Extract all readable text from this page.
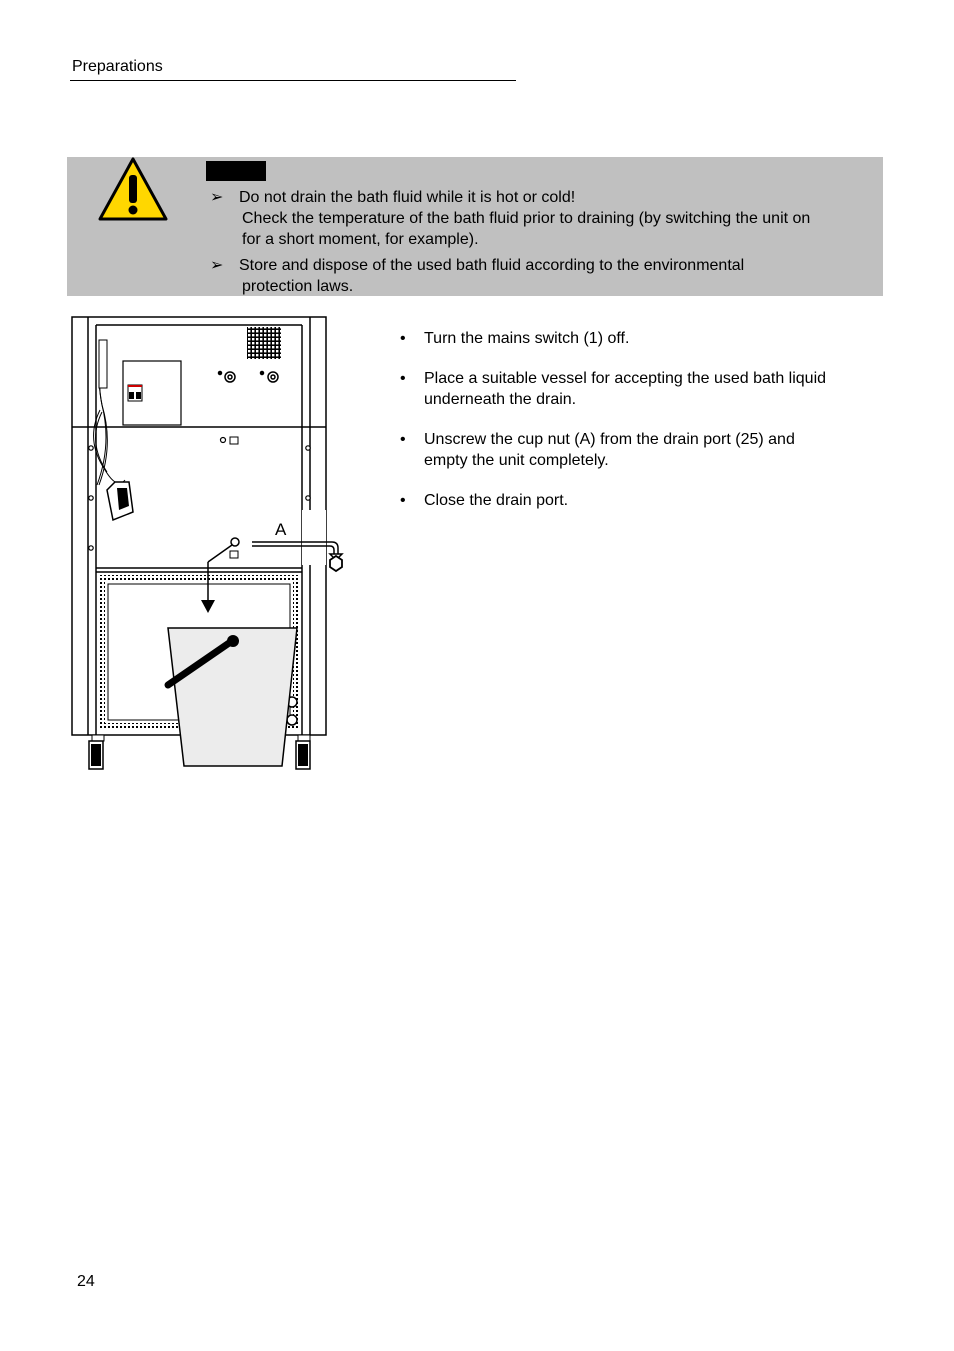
Preparations
➢ Do not drain the bath fluid while it is hot or cold!
Check the temperature of the bath fluid prior to draining (by switching the unit on
for a short moment, for example).
➢ Store and dispose of the used bath fluid according to the environmental
protection laws.
A
• Turn the mains switch (1) off.
• Place a suitable vessel for accepting the used bath liquid
underneath the drain.
• Unscrew the cup nut (A) from the drain port (25) and
empty the unit completely.
• Close the drain port.
24
